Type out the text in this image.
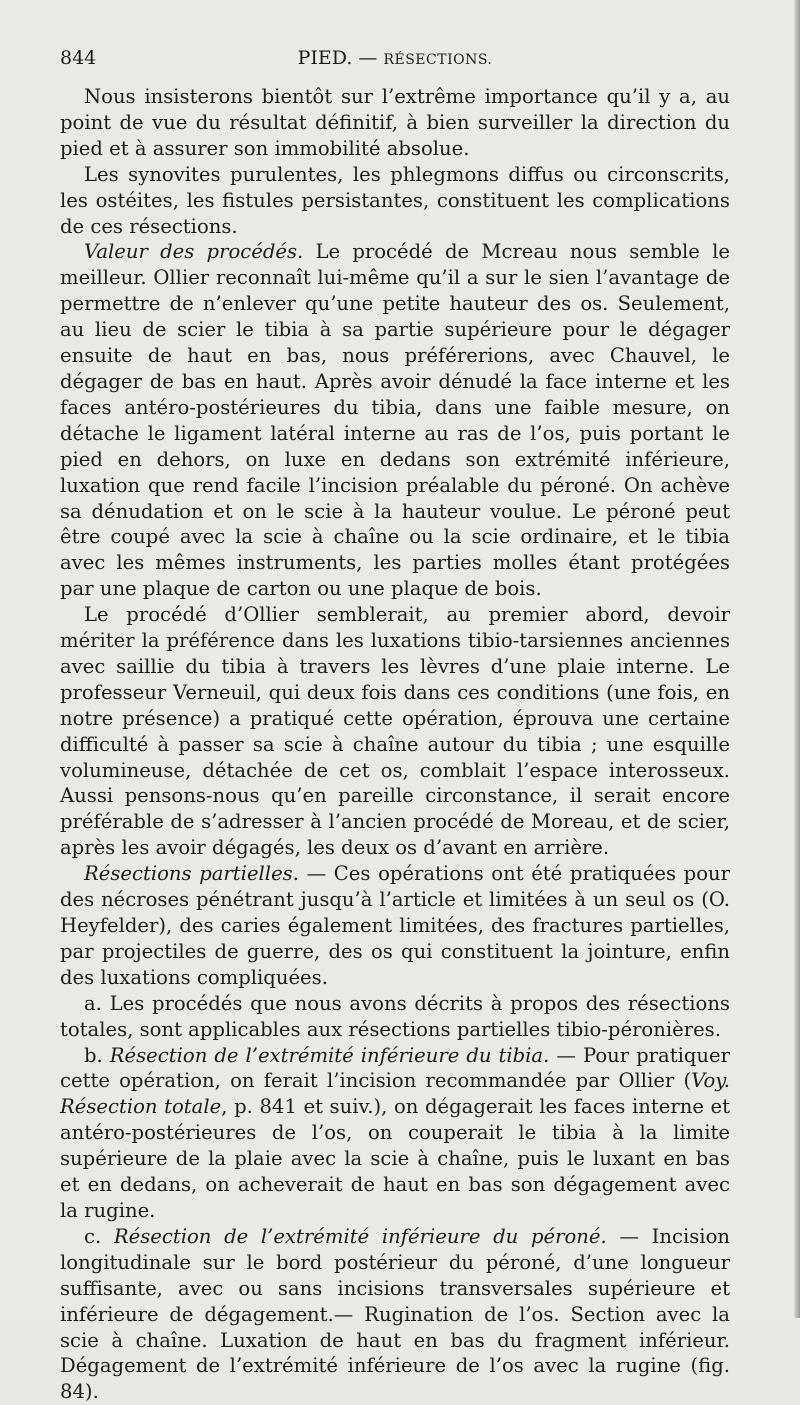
844	PIED. — RÉSECTIONS.

Nous insisterons bientôt sur l’extrême importance qu’il y a, au point de vue du résultat définitif, à bien surveiller la direction du pied et à assurer son immobilité absolue.

Les synovites purulentes, les phlegmons diffus ou circonscrits, les ostéites, les fistules persistantes, constituent les complications de ces résections.

Valeur des procédés. Le procédé de Mcreau nous semble le meilleur. Ollier reconnaît lui-même qu’il a sur le sien l’avantage de permettre de n’enlever qu’une petite hauteur des os. Seulement, au lieu de scier le tibia à sa partie supérieure pour le dégager ensuite de haut en bas, nous préférerions, avec Chauvel, le dégager de bas en haut. Après avoir dénudé la face interne et les faces antéro-postérieures du tibia, dans une faible mesure, on détache le ligament latéral interne au ras de l’os, puis portant le pied en dehors, on luxe en dedans son extrémité inférieure, luxation que rend facile l’incision préalable du péroné. On achève sa dénudation et on le scie à la hauteur voulue. Le péroné peut être coupé avec la scie à chaîne ou la scie ordinaire, et le tibia avec les mêmes instruments, les parties molles étant protégées par une plaque de carton ou une plaque de bois.

Le procédé d’Ollier semblerait, au premier abord, devoir mériter la préférence dans les luxations tibio-tarsiennes anciennes avec saillie du tibia à travers les lèvres d’une plaie interne. Le professeur Verneuil, qui deux fois dans ces conditions (une fois, en notre présence) a pratiqué cette opération, éprouva une certaine difficulté à passer sa scie à chaîne autour du tibia ; une esquille volumineuse, détachée de cet os, comblait l’espace interosseux. Aussi pensons-nous qu’en pareille circonstance, il serait encore préférable de s’adresser à l’ancien procédé de Moreau, et de scier, après les avoir dégagés, les deux os d’avant en arrière.

Résections partielles. — Ces opérations ont été pratiquées pour des nécroses pénétrant jusqu’à l’article et limitées à un seul os (O. Heyfelder), des caries également limitées, des fractures partielles, par projectiles de guerre, des os qui constituent la jointure, enfin des luxations compliquées.

a. Les procédés que nous avons décrits à propos des résections totales, sont applicables aux résections partielles tibio-péronières.

b. Résection de l’extrémité inférieure du tibia. — Pour pratiquer cette opération, on ferait l’incision recommandée par Ollier (Voy. Résection totale, p. 841 et suiv.), on dégagerait les faces interne et antéro-postérieures de l’os, on couperait le tibia à la limite supérieure de la plaie avec la scie à chaîne, puis le luxant en bas et en dedans, on acheverait de haut en bas son dégagement avec la rugine.

c. Résection de l’extrémité inférieure du péroné. — Incision longitudinale sur le bord postérieur du péroné, d’une longueur suffisante, avec ou sans incisions transversales supérieure et inférieure de dégagement.— Rugination de l’os. Section avec la scie à chaîne. Luxation de haut en bas du fragment inférieur. Dégagement de l’extrémité inférieure de l’os avec la rugine (fig. 84).
